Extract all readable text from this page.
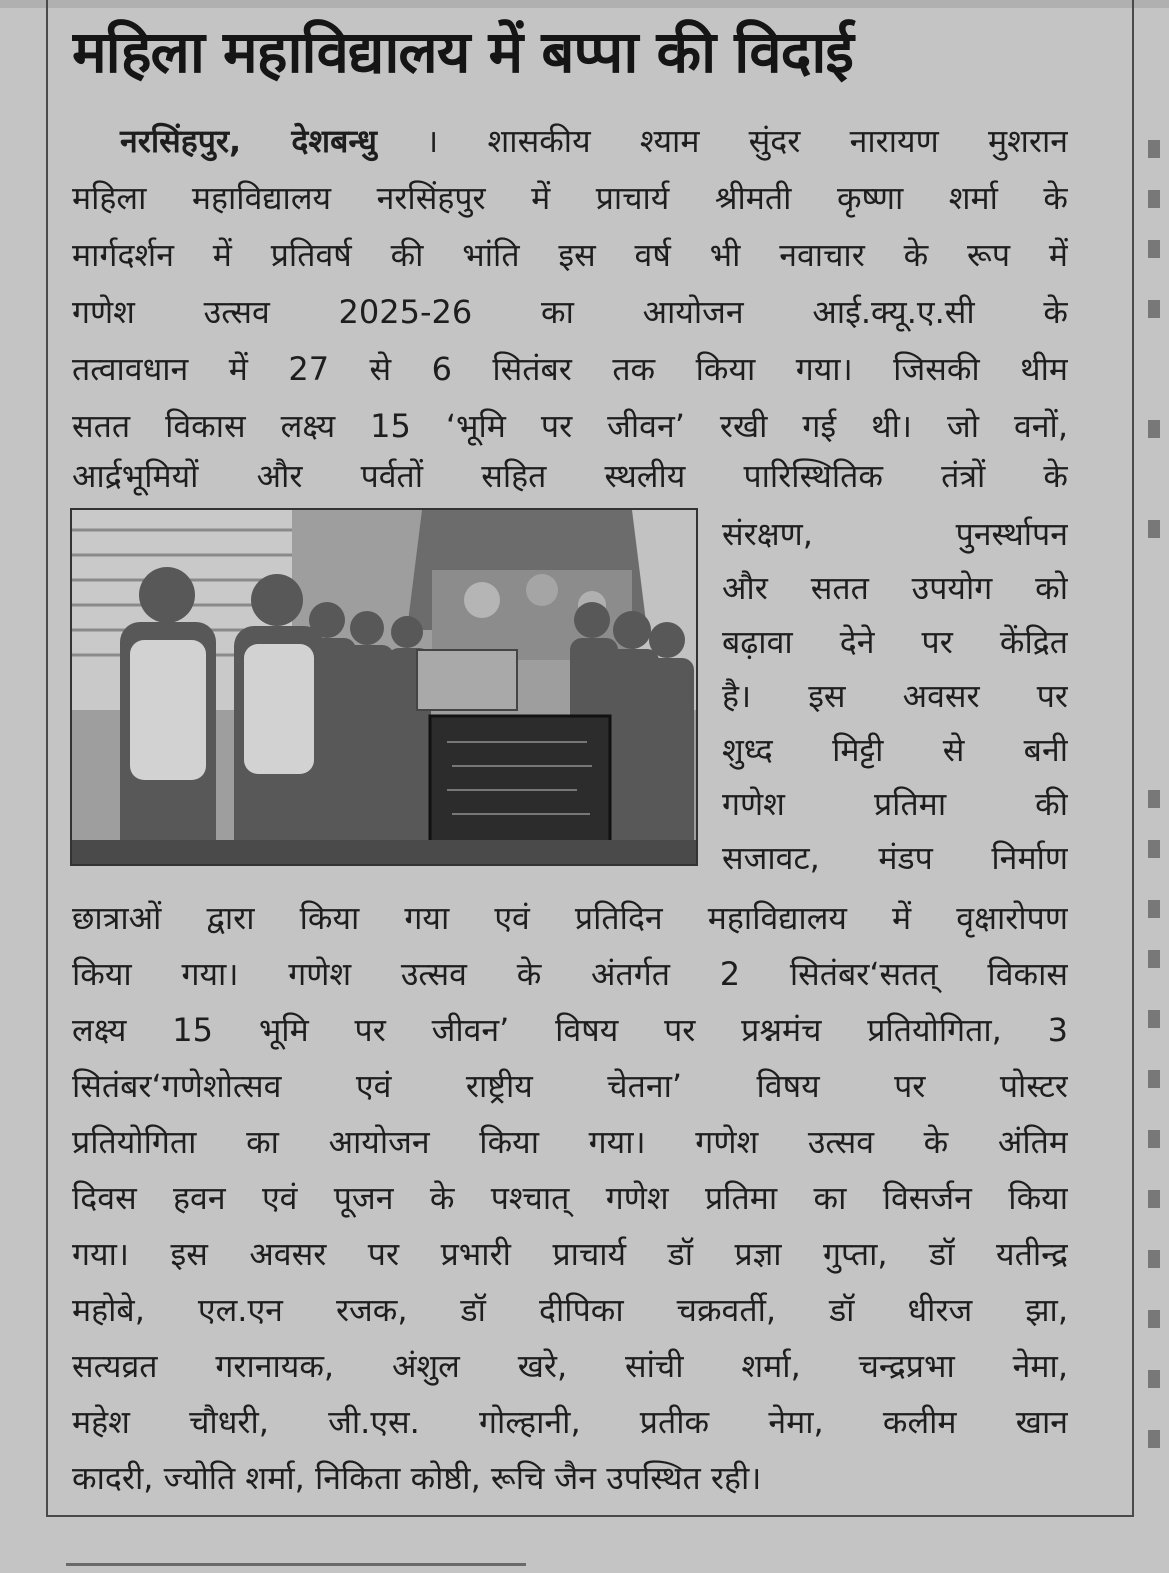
महिला महाविद्यालय में बप्पा की विदाई
नरसिंहपुर, देशबन्धु । शासकीय श्याम सुंदर नारायण मुशरान
महिला महाविद्यालय नरसिंहपुर में प्राचार्य श्रीमती कृष्णा शर्मा के
मार्गदर्शन में प्रतिवर्ष की भांति इस वर्ष भी नवाचार के रूप में
गणेश उत्सव 2025-26 का आयोजन आई.क्यू.ए.सी के
तत्वावधान में 27 से 6 सितंबर तक किया गया। जिसकी थीम
सतत विकास लक्ष्य 15 ‘भूमि पर जीवन’ रखी गई थी। जो वनों,
आर्द्रभूमियों और पर्वतों सहित स्थलीय पारिस्थितिक तंत्रों के
संरक्षण, पुनर्स्थापन
और सतत उपयोग को
बढ़ावा देने पर केंद्रित
है। इस अवसर पर
शुध्द मिट्टी से बनी
गणेश प्रतिमा की
सजावट, मंडप निर्माण
छात्राओं द्वारा किया गया एवं प्रतिदिन महाविद्यालय में वृक्षारोपण
किया गया। गणेश उत्सव के अंतर्गत 2 सितंबर‘सतत् विकास
लक्ष्य 15 भूमि पर जीवन’ विषय पर प्रश्नमंच प्रतियोगिता, 3
सितंबर‘गणेशोत्सव एवं राष्ट्रीय चेतना’ विषय पर पोस्टर
प्रतियोगिता का आयोजन किया गया। गणेश उत्सव के अंतिम
दिवस हवन एवं पूजन के पश्चात् गणेश प्रतिमा का विसर्जन किया
गया। इस अवसर पर प्रभारी प्राचार्य डॉ प्रज्ञा गुप्ता, डॉ यतीन्द्र
महोबे, एल.एन रजक, डॉ दीपिका चक्रवर्ती, डॉ धीरज झा,
सत्यव्रत गरानायक, अंशुल खरे, सांची शर्मा, चन्द्रप्रभा नेमा,
महेश चौधरी, जी.एस. गोल्हानी, प्रतीक नेमा, कलीम खान
कादरी, ज्योति शर्मा, निकिता कोष्ठी, रूचि जैन उपस्थित रही।
